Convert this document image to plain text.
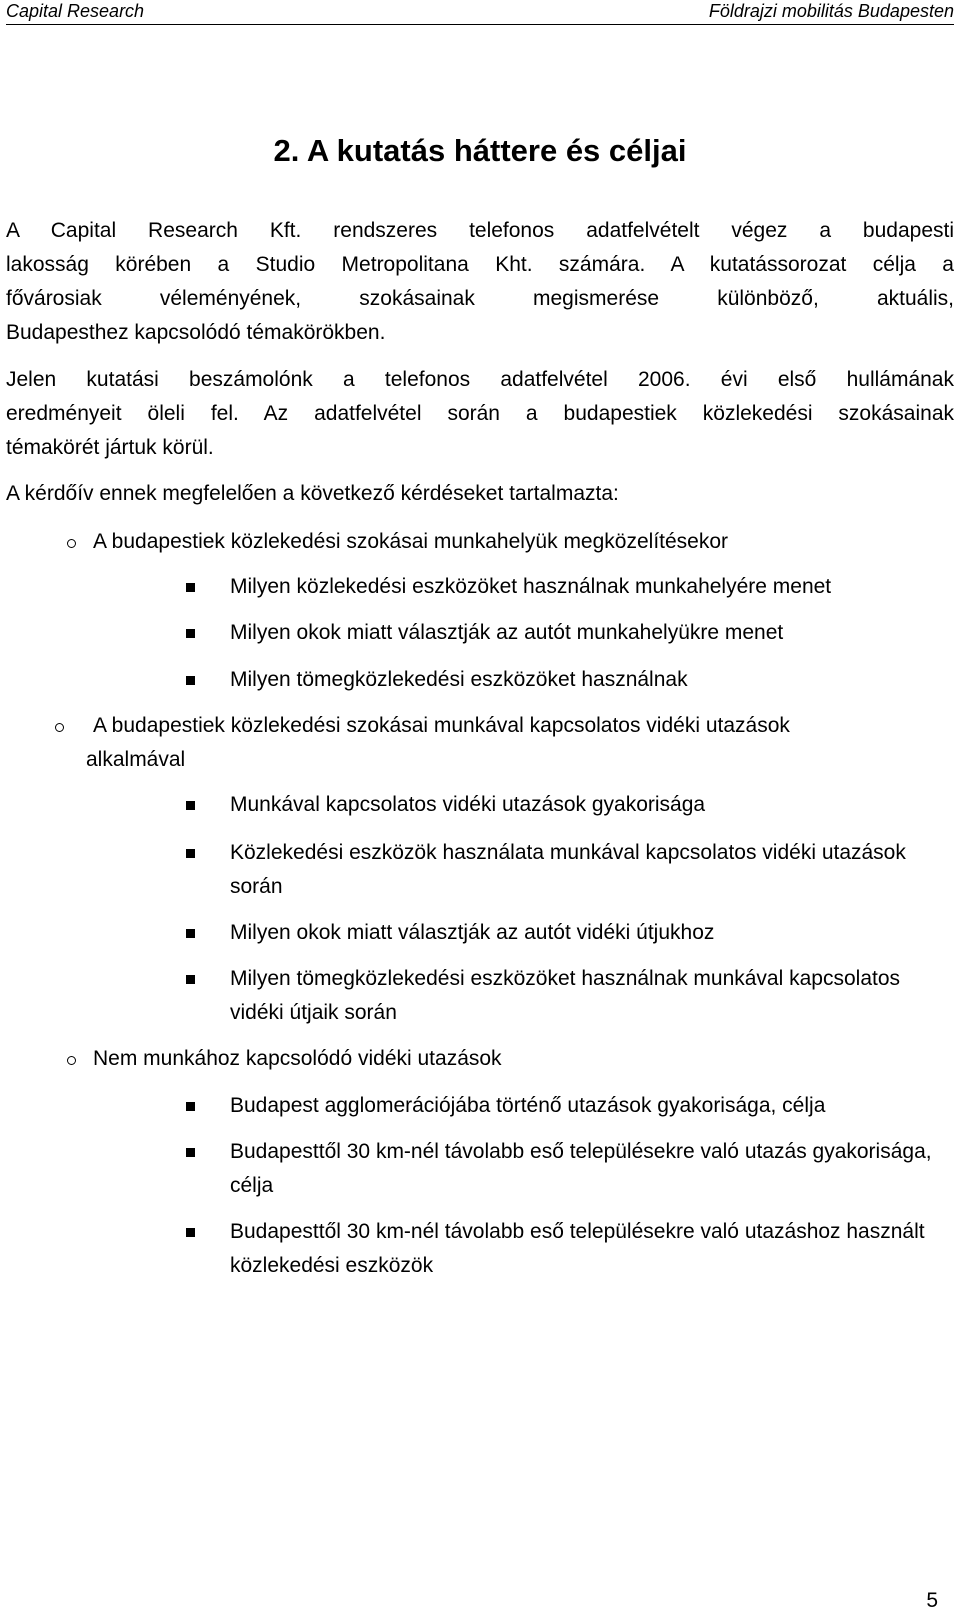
Capital Research	Földrajzi mobilitás Budapesten
2. A kutatás háttere és céljai
A Capital Research Kft. rendszeres telefonos adatfelvételt végez a budapesti
lakosság körében a Studio Metropolitana Kht. számára. A kutatássorozat célja a
fővárosiak véleményének, szokásainak megismerése különböző, aktuális,
Budapesthez kapcsolódó témakörökben.
Jelen kutatási beszámolónk a telefonos adatfelvétel 2006. évi első hullámának
eredményeit öleli fel. Az adatfelvétel során a budapestiek közlekedési szokásainak
témakörét jártuk körül.
A kérdőív ennek megfelelően a következő kérdéseket tartalmazta:
A budapestiek közlekedési szokásai munkahelyük megközelítésekor
Milyen közlekedési eszközöket használnak munkahelyére menet
Milyen okok miatt választják az autót munkahelyükre menet
Milyen tömegközlekedési eszközöket használnak
A budapestiek közlekedési szokásai munkával kapcsolatos vidéki utazások
alkalmával
Munkával kapcsolatos vidéki utazások gyakorisága
Közlekedési eszközök használata munkával kapcsolatos vidéki utazások során
Milyen okok miatt választják az autót vidéki útjukhoz
Milyen tömegközlekedési eszközöket használnak munkával kapcsolatos vidéki útjaik során
Nem munkához kapcsolódó vidéki utazások
Budapest agglomerációjába történő utazások gyakorisága, célja
Budapesttől 30 km-nél távolabb eső településekre való utazás gyakorisága, célja
Budapesttől 30 km-nél távolabb eső településekre való utazáshoz használt közlekedési eszközök
5
